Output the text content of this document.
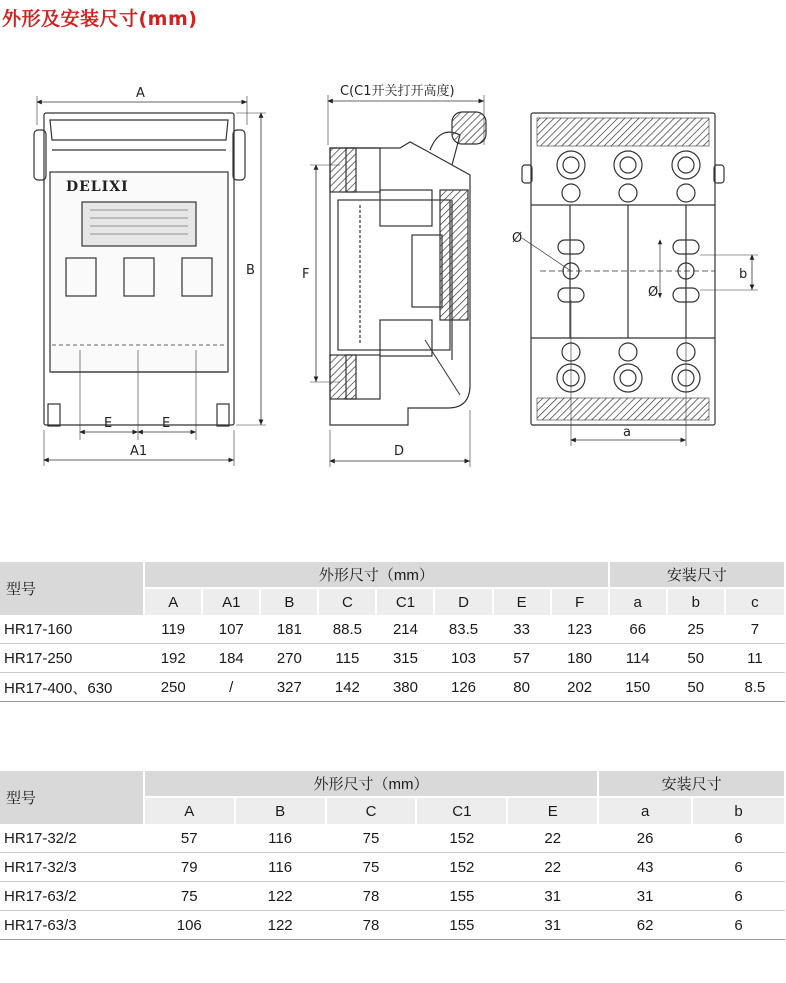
外形及安装尺寸(mm)
A
B
E	E
A1
DELIXI
C(C1开关打开高度)
F
D
Ø
Ø
b
a
型号	外形尺寸（mm）								安装尺寸		
	A	A1	B	C	C1	D	E	F	a	b	c
HR17-160	119	107	181	88.5	214	83.5	33	123	66	25	7
HR17-250	192	184	270	115	315	103	57	180	114	50	11
HR17-400、630	250	/	327	142	380	126	80	202	150	50	8.5
型号	外形尺寸（mm）					安装尺寸	
	A	B	C	C1	E	a	b
HR17-32/2	57	116	75	152	22	26	6
HR17-32/3	79	116	75	152	22	43	6
HR17-63/2	75	122	78	155	31	31	6
HR17-63/3	106	122	78	155	31	62	6
